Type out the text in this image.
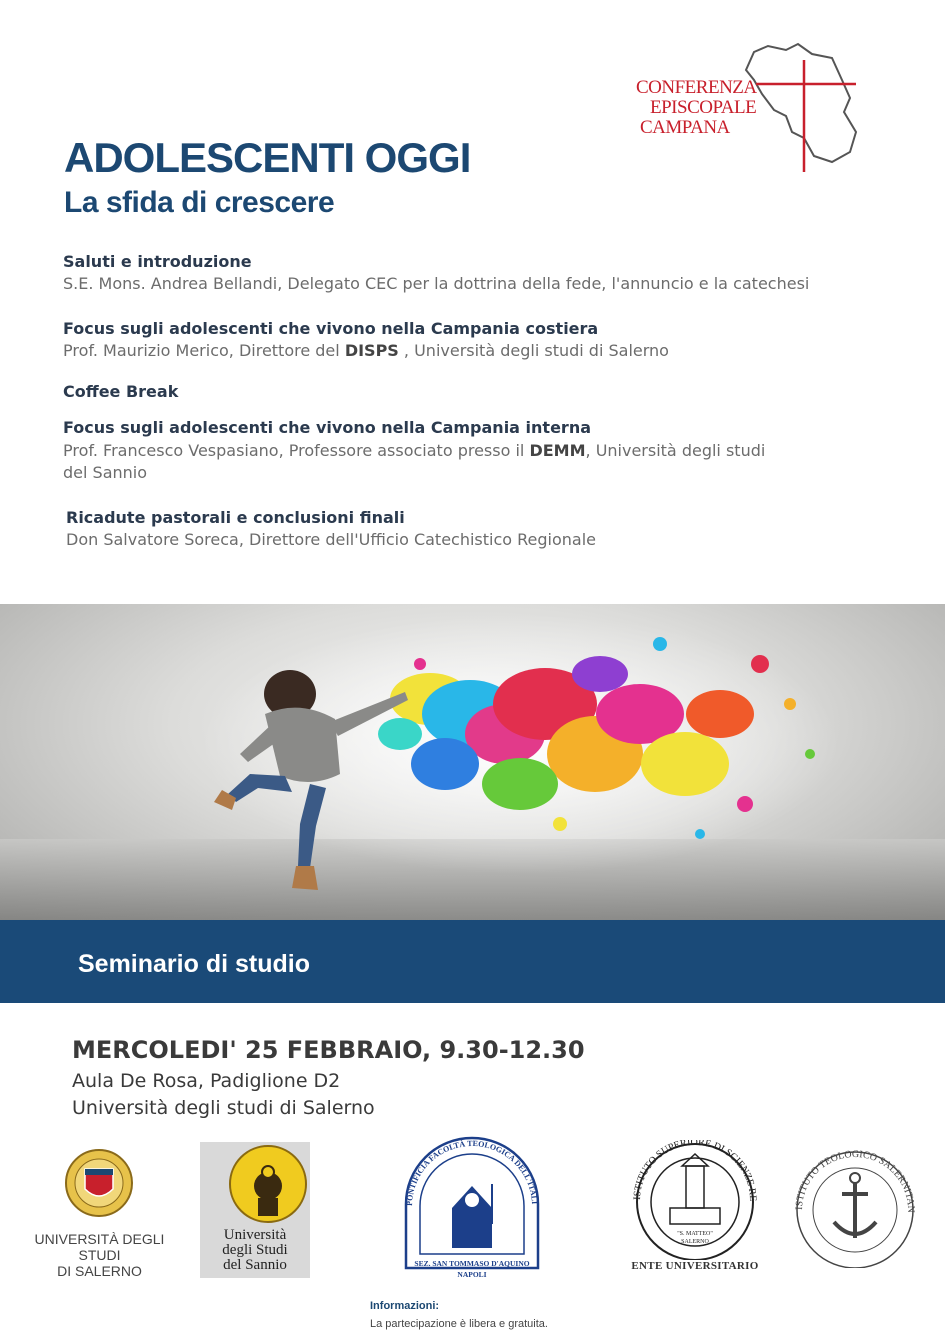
CONFERENZA
EPISCOPALE
CAMPANA
ADOLESCENTI OGGI
La sfida di crescere
Saluti e introduzione
S.E. Mons. Andrea Bellandi, Delegato CEC per la dottrina della fede, l'annuncio e la catechesi
Focus sugli adolescenti che vivono nella Campania costiera
Prof. Maurizio Merico, Direttore del DISPS , Università degli studi di Salerno
Coffee Break
Focus sugli adolescenti che vivono nella Campania interna
Prof. Francesco Vespasiano, Professore associato presso il DEMM, Università degli studi
del Sannio
Ricadute pastorali e conclusioni finali
Don Salvatore Soreca, Direttore dell'Ufficio Catechistico Regionale
Seminario di studio
MERCOLEDI' 25 FEBBRAIO, 9.30-12.30
Aula De Rosa, Padiglione D2
Università degli studi di Salerno
UNIVERSITÀ DEGLI STUDI
DI SALERNO
Università
degli Studi
del Sannio
PONTIFICIA FACOLTÀ TEOLOGICA DELL'ITALI
SEZ. SAN TOMMASO D'AQUINO
NAPOLI
ISTITUTO SUPERIORE DI SCIENZE RE
"S. MATTEO"
SALERNO
ENTE UNIVERSITARIO
ISTITUTO TEOLOGICO SALERNITAN
Informazioni:
La partecipazione è libera e gratuita.
